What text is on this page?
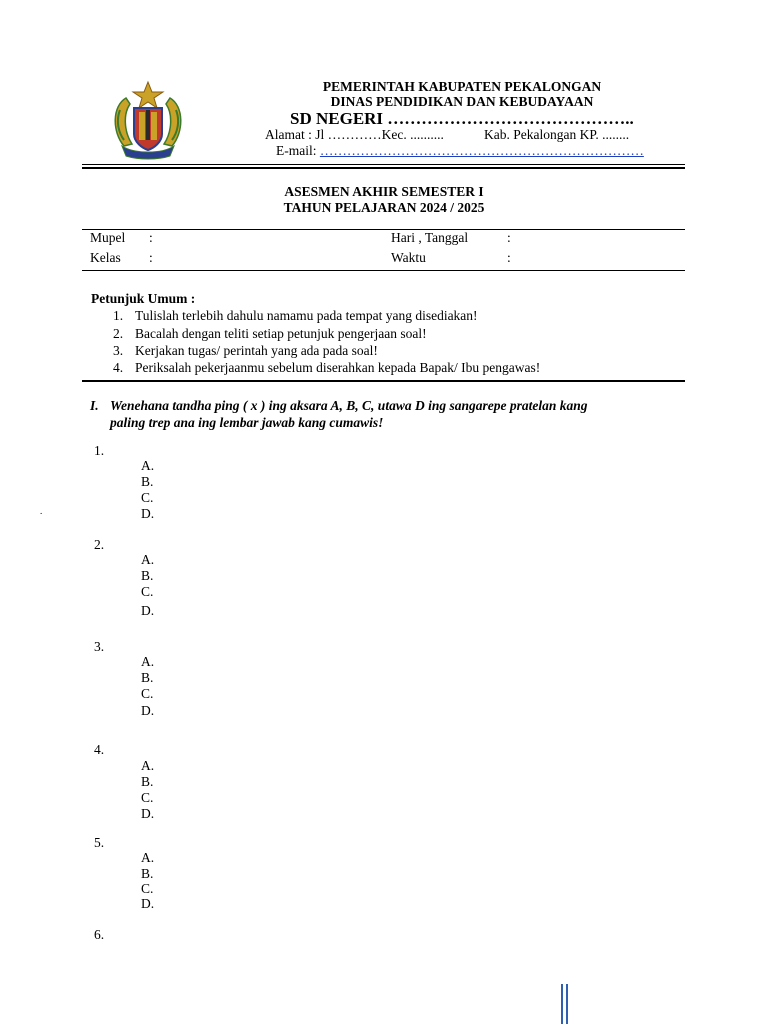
PEMERINTAH KABUPATEN PEKALONGAN
DINAS PENDIDIKAN DAN KEBUDAYAAN
SD NEGERI ……………………………………..
Alamat : Jl …………Kec. ..........	Kab. Pekalongan KP. ........
E-mail: ………………………………………………………………
ASESMEN AKHIR SEMESTER I
TAHUN PELAJARAN 2024 / 2025
Mupel :	Hari , Tanggal	:
Kelas :	Waktu	:
Petunjuk Umum :
1. Tulislah terlebih dahulu namamu pada tempat yang disediakan!
2. Bacalah dengan teliti setiap petunjuk pengerjaan soal!
3. Kerjakan tugas/ perintah yang ada pada soal!
4. Periksalah pekerjaanmu sebelum diserahkan kepada Bapak/ Ibu pengawas!
I. Wenehana tandha ping ( x ) ing aksara A, B, C, utawa D ing sangarepe pratelan kang
paling trep ana ing lembar jawab kang cumawis!
.
1.
A.
B.
C.
D.
2.
A.
B.
C.
D.
3.
A.
B.
C.
D.
4.
A.
B.
C.
D.
5.
A.
B.
C.
D.
6.
